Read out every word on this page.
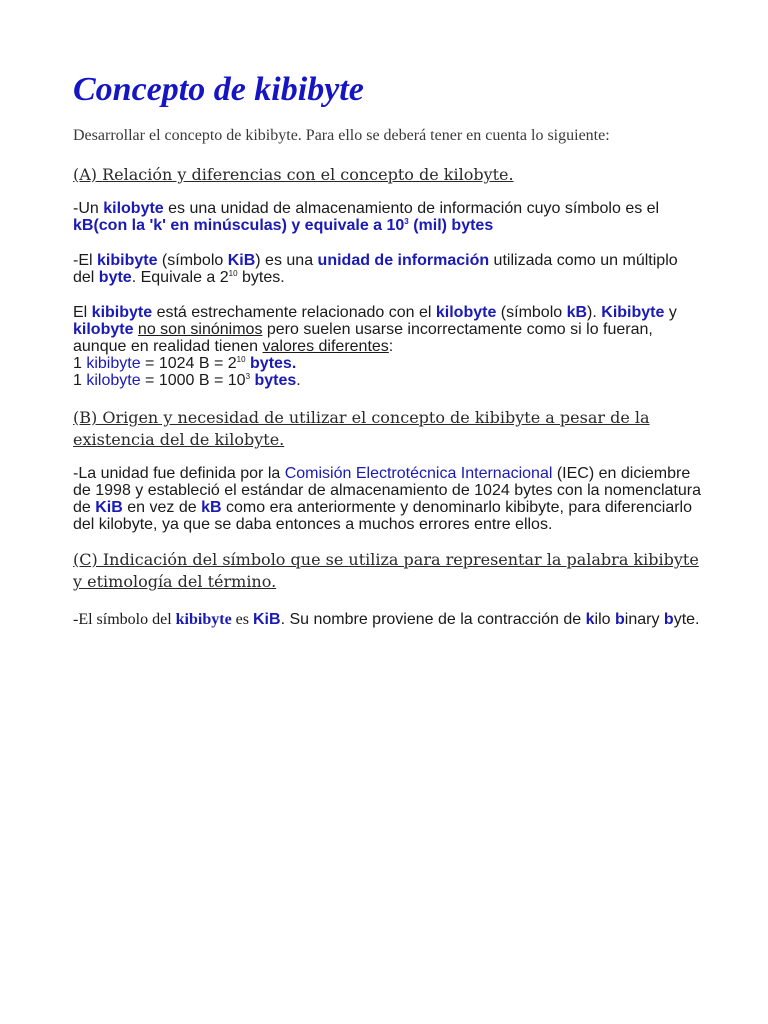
Concepto de kibibyte
Desarrollar el concepto de kibibyte. Para ello se deberá tener en cuenta lo siguiente:
(A) Relación y diferencias con el concepto de kilobyte.
-Un kilobyte es una unidad de almacenamiento de información cuyo símbolo es el kB(con la 'k' en minúsculas) y equivale a $10^3$ (mil) bytes
-El kibibyte (símbolo KiB) es una unidad de información utilizada como un múltiplo del byte. Equivale a $2^{10}$ bytes.
El kibibyte está estrechamente relacionado con el kilobyte (símbolo kB). Kibibyte y kilobyte no son sinónimos pero suelen usarse incorrectamente como si lo fueran, aunque en realidad tienen valores diferentes:
1 kibibyte = 1024 $B = 2^{10}$ bytes.
1 kilobyte = 1000 $B = 10^3$ bytes.
(B) Origen y necesidad de utilizar el concepto de kibibyte a pesar de la existencia del de kilobyte.
-La unidad fue definida por la Comisión Electrotécnica Internacional (IEC) en diciembre de 1998 y estableció el estándar de almacenamiento de 1024 bytes con la nomenclatura de KiB en vez de kB como era anteriormente y denominarlo kibibyte, para diferenciarlo del kilobyte, ya que se daba entonces a muchos errores entre ellos.
(C) Indicación del símbolo que se utiliza para representar la palabra kibibyte y etimología del término.
-El símbolo del kibibyte es KiB. Su nombre proviene de la contracción de kilo binary byte.
